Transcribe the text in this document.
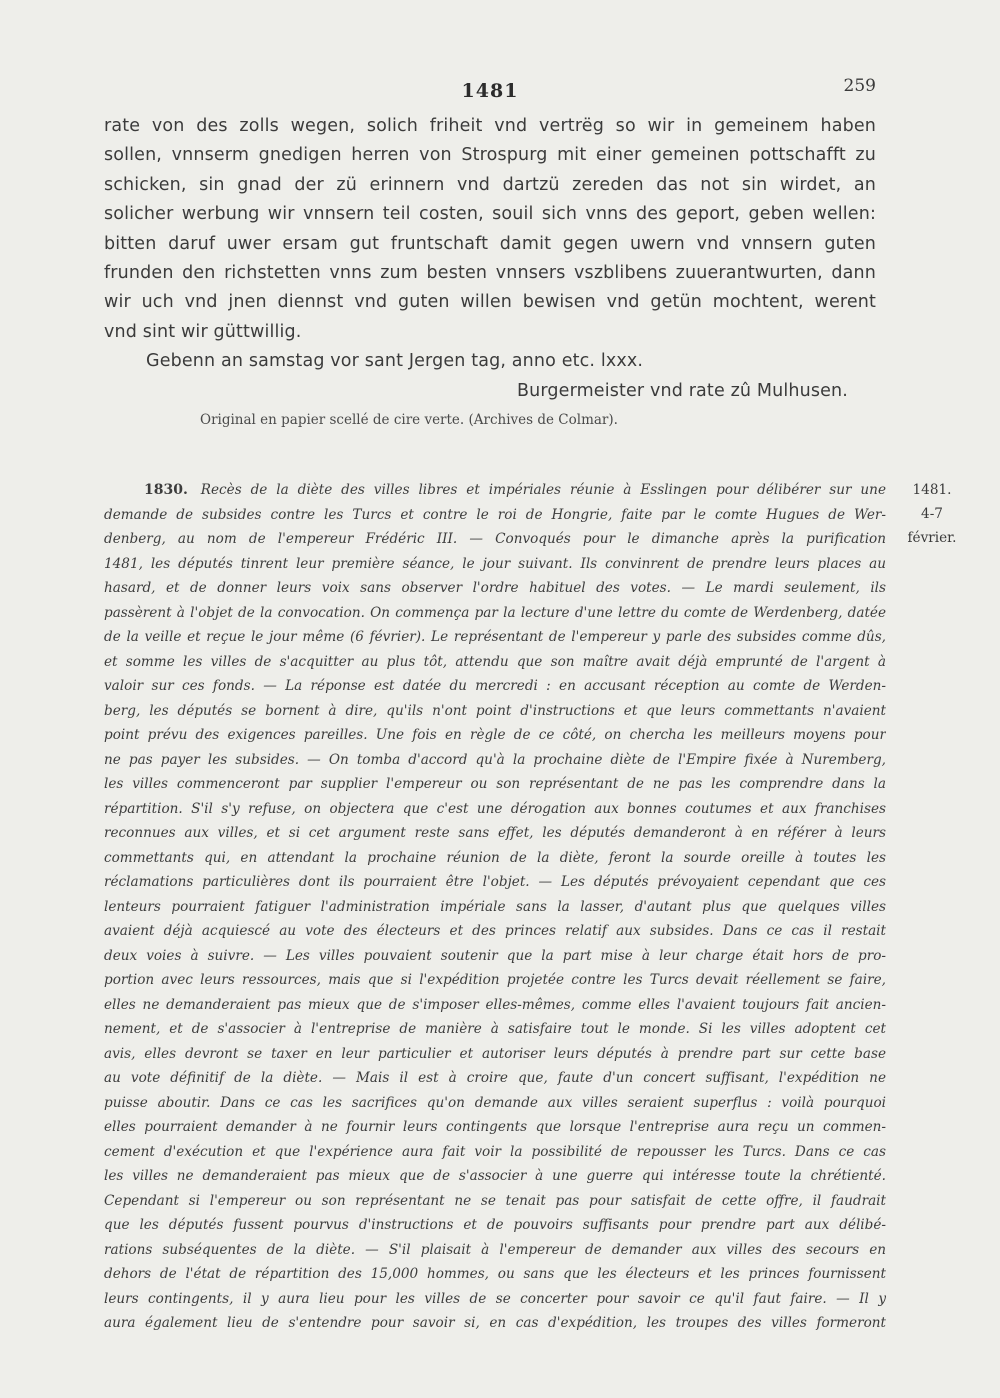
1481	259
rate von des zolls wegen, solich friheit vnd vertrëg so wir in gemeinem haben
sollen, vnnserm gnedigen herren von Strospurg mit einer gemeinen pottschafft zu
schicken, sin gnad der zü erinnern vnd dartzü zereden das not sin wirdet, an
solicher werbung wir vnnsern teil costen, souil sich vnns des geport, geben wellen:
bitten daruf uwer ersam gut fruntschaft damit gegen uwern vnd vnnsern guten
frunden den richstetten vnns zum besten vnnsers vszblibens zuuerantwurten, dann
wir uch vnd jnen diennst vnd guten willen bewisen vnd getün mochtent, werent
vnd sint wir güttwillig.
Gebenn an samstag vor sant Jergen tag, anno etc. lxxx.
Burgermeister vnd rate zû Mulhusen.
Original en papier scellé de cire verte. (Archives de Colmar).
1830. Recès de la diète des villes libres et impériales réunie à Esslingen pour délibérer sur une
demande de subsides contre les Turcs et contre le roi de Hongrie, faite par le comte Hugues de Wer-
denberg, au nom de l'empereur Frédéric III. — Convoqués pour le dimanche après la purification
1481, les députés tinrent leur première séance, le jour suivant. Ils convinrent de prendre leurs places au
hasard, et de donner leurs voix sans observer l'ordre habituel des votes. — Le mardi seulement, ils
passèrent à l'objet de la convocation. On commença par la lecture d'une lettre du comte de Werdenberg, datée
de la veille et reçue le jour même (6 février). Le représentant de l'empereur y parle des subsides comme dûs,
et somme les villes de s'acquitter au plus tôt, attendu que son maître avait déjà emprunté de l'argent à
valoir sur ces fonds. — La réponse est datée du mercredi : en accusant réception au comte de Werden-
berg, les députés se bornent à dire, qu'ils n'ont point d'instructions et que leurs commettants n'avaient
point prévu des exigences pareilles. Une fois en règle de ce côté, on chercha les meilleurs moyens pour
ne pas payer les subsides. — On tomba d'accord qu'à la prochaine diète de l'Empire fixée à Nuremberg,
les villes commenceront par supplier l'empereur ou son représentant de ne pas les comprendre dans la
répartition. S'il s'y refuse, on objectera que c'est une dérogation aux bonnes coutumes et aux franchises
reconnues aux villes, et si cet argument reste sans effet, les députés demanderont à en référer à leurs
commettants qui, en attendant la prochaine réunion de la diète, feront la sourde oreille à toutes les
réclamations particulières dont ils pourraient être l'objet. — Les députés prévoyaient cependant que ces
lenteurs pourraient fatiguer l'administration impériale sans la lasser, d'autant plus que quelques villes
avaient déjà acquiescé au vote des électeurs et des princes relatif aux subsides. Dans ce cas il restait
deux voies à suivre. — Les villes pouvaient soutenir que la part mise à leur charge était hors de pro-
portion avec leurs ressources, mais que si l'expédition projetée contre les Turcs devait réellement se faire,
elles ne demanderaient pas mieux que de s'imposer elles-mêmes, comme elles l'avaient toujours fait ancien-
nement, et de s'associer à l'entreprise de manière à satisfaire tout le monde. Si les villes adoptent cet
avis, elles devront se taxer en leur particulier et autoriser leurs députés à prendre part sur cette base
au vote définitif de la diète. — Mais il est à croire que, faute d'un concert suffisant, l'expédition ne
puisse aboutir. Dans ce cas les sacrifices qu'on demande aux villes seraient superflus : voilà pourquoi
elles pourraient demander à ne fournir leurs contingents que lorsque l'entreprise aura reçu un commen-
cement d'exécution et que l'expérience aura fait voir la possibilité de repousser les Turcs. Dans ce cas
les villes ne demanderaient pas mieux que de s'associer à une guerre qui intéresse toute la chrétienté.
Cependant si l'empereur ou son représentant ne se tenait pas pour satisfait de cette offre, il faudrait
que les députés fussent pourvus d'instructions et de pouvoirs suffisants pour prendre part aux délibé-
rations subséquentes de la diète. — S'il plaisait à l'empereur de demander aux villes des secours en
dehors de l'état de répartition des 15,000 hommes, ou sans que les électeurs et les princes fournissent
leurs contingents, il y aura lieu pour les villes de se concerter pour savoir ce qu'il faut faire. — Il y
aura également lieu de s'entendre pour savoir si, en cas d'expédition, les troupes des villes formeront
1481.
4-7
février.
